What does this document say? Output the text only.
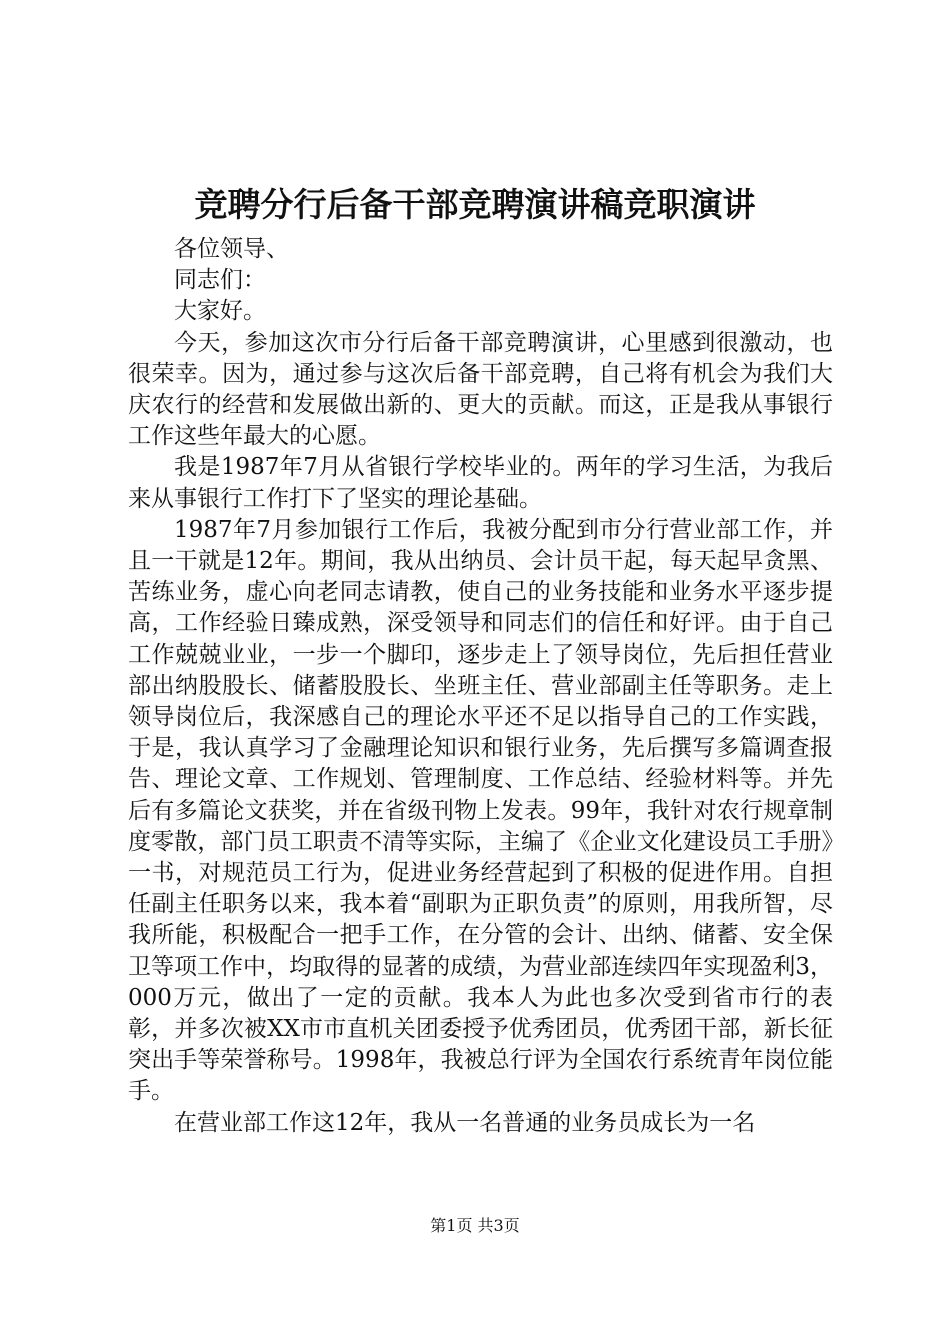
竞聘分行后备干部竞聘演讲稿竞职演讲

各位领导、

同志们：

大家好。

今天，参加这次市分行后备干部竞聘演讲，心里感到很激动，也很荣幸。因为，通过参与这次后备干部竞聘，自己将有机会为我们大庆农行的经营和发展做出新的、更大的贡献。而这，正是我从事银行工作这些年最大的心愿。

我是1987年7月从省银行学校毕业的。两年的学习生活，为我后来从事银行工作打下了坚实的理论基础。

1987年7月参加银行工作后，我被分配到市分行营业部工作，并且一干就是12年。期间，我从出纳员、会计员干起，每天起早贪黑、苦练业务，虚心向老同志请教，使自己的业务技能和业务水平逐步提高，工作经验日臻成熟，深受领导和同志们的信任和好评。由于自己工作兢兢业业，一步一个脚印，逐步走上了领导岗位，先后担任营业部出纳股股长、储蓄股股长、坐班主任、营业部副主任等职务。走上领导岗位后，我深感自己的理论水平还不足以指导自己的工作实践，于是，我认真学习了金融理论知识和银行业务，先后撰写多篇调查报告、理论文章、工作规划、管理制度、工作总结、经验材料等。并先后有多篇论文获奖，并在省级刊物上发表。99年，我针对农行规章制度零散，部门员工职责不清等实际，主编了《企业文化建设员工手册》一书，对规范员工行为，促进业务经营起到了积极的促进作用。自担任副主任职务以来，我本着“副职为正职负责”的原则，用我所智，尽我所能，积极配合一把手工作，在分管的会计、出纳、储蓄、安全保卫等项工作中，均取得的显著的成绩，为营业部连续四年实现盈利3，000万元，做出了一定的贡献。我本人为此也多次受到省市行的表彰，并多次被XX市市直机关团委授予优秀团员，优秀团干部，新长征突出手等荣誉称号。1998年，我被总行评为全国农行系统青年岗位能手。

在营业部工作这12年，我从一名普通的业务员成长为一名

第1页 共3页
